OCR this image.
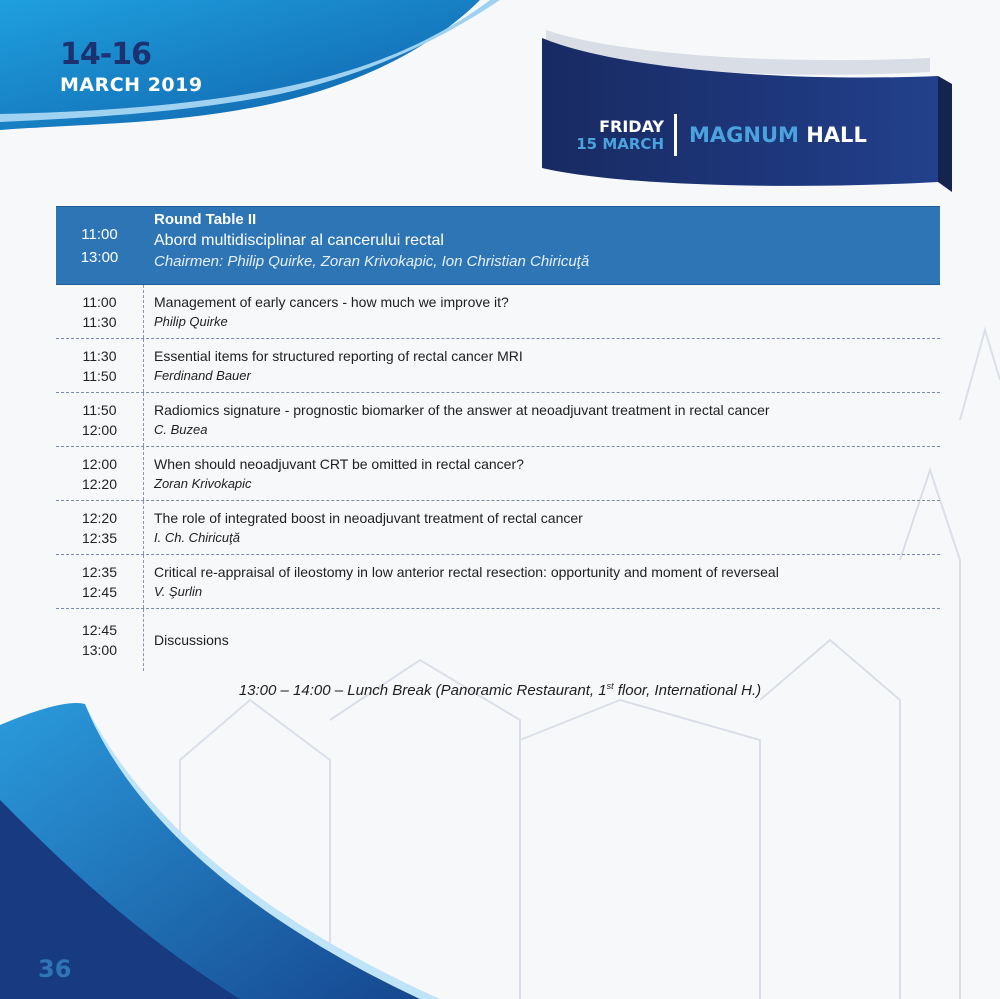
14-16
MARCH 2019
FRIDAY
15 MARCH MAGNUM HALL
11:00
13:00
Round Table II
Abord multidisciplinar al cancerului rectal
Chairmen: Philip Quirke, Zoran Krivokapic, Ion Christian Chiricuţă
11:00
11:30
Management of early cancers - how much we improve it?
Philip Quirke
11:30
11:50
Essential items for structured reporting of rectal cancer MRI
Ferdinand Bauer
11:50
12:00
Radiomics signature - prognostic biomarker of the answer at neoadjuvant treatment in rectal cancer
C. Buzea
12:00
12:20
When should neoadjuvant CRT be omitted in rectal cancer?
Zoran Krivokapic
12:20
12:35
The role of integrated boost in neoadjuvant treatment of rectal cancer
I. Ch. Chiricuţă
12:35
12:45
Critical re-appraisal of ileostomy in low anterior rectal resection: opportunity and moment of reverseal
V. Şurlin
12:45
13:00
Discussions
13:00 – 14:00 – Lunch Break (Panoramic Restaurant, 1st floor, International H.)
36
